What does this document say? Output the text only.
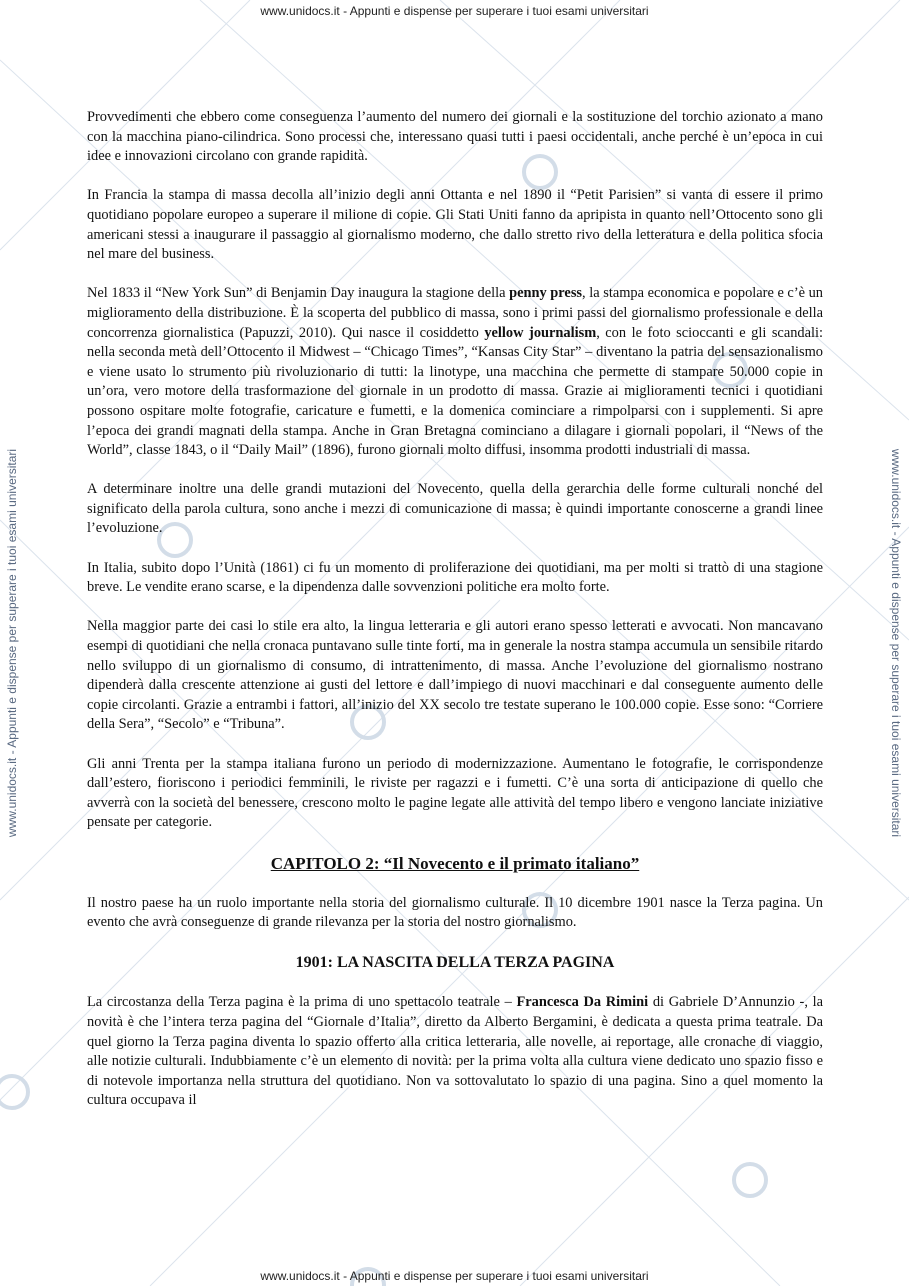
www.unidocs.it - Appunti e dispense per superare i tuoi esami universitari
www.unidocs.it - Appunti e dispense per superare i tuoi esami universitari	www.unidocs.it - Appunti e dispense per superare i tuoi esami universitari

Provvedimenti che ebbero come conseguenza l’aumento del numero dei giornali e la sostituzione del torchio azionato a mano con la macchina piano-cilindrica. Sono processi che, interessano quasi tutti i paesi occidentali, anche perché è un’epoca in cui idee e innovazioni circolano con grande rapidità.

In Francia la stampa di massa decolla all’inizio degli anni Ottanta e nel 1890 il “Petit Parisien” si vanta di essere il primo quotidiano popolare europeo a superare il milione di copie. Gli Stati Uniti fanno da apripista in quanto nell’Ottocento sono gli americani stessi a inaugurare il passaggio al giornalismo moderno, che dallo stretto rivo della letteratura e della politica sfocia nel mare del business.

Nel 1833 il “New York Sun” di Benjamin Day inaugura la stagione della penny press, la stampa economica e popolare e c’è un miglioramento della distribuzione. È la scoperta del pubblico di massa, sono i primi passi del giornalismo professionale e della concorrenza giornalistica (Papuzzi, 2010). Qui nasce il cosiddetto yellow journalism, con le foto scioccanti e gli scandali: nella seconda metà dell’Ottocento il Midwest – “Chicago Times”, “Kansas City Star” – diventano la patria del sensazionalismo e viene usato lo strumento più rivoluzionario di tutti: la linotype, una macchina che permette di stampare 50.000 copie in un’ora, vero motore della trasformazione del giornale in un prodotto di massa. Grazie ai miglioramenti tecnici i quotidiani possono ospitare molte fotografie, caricature e fumetti, e la domenica cominciare a rimpolparsi con i supplementi. Si apre l’epoca dei grandi magnati della stampa. Anche in Gran Bretagna cominciano a dilagare i giornali popolari, il “News of the World”, classe 1843, o il “Daily Mail” (1896), furono giornali molto diffusi, insomma prodotti industriali di massa.

A determinare inoltre una delle grandi mutazioni del Novecento, quella della gerarchia delle forme culturali nonché del significato della parola cultura, sono anche i mezzi di comunicazione di massa; è quindi importante conoscerne a grandi linee l’evoluzione.

In Italia, subito dopo l’Unità (1861) ci fu un momento di proliferazione dei quotidiani, ma per molti si trattò di una stagione breve. Le vendite erano scarse, e la dipendenza dalle sovvenzioni politiche era molto forte.

Nella maggior parte dei casi lo stile era alto, la lingua letteraria e gli autori erano spesso letterati e avvocati. Non mancavano esempi di quotidiani che nella cronaca puntavano sulle tinte forti, ma in generale la nostra stampa accumula un sensibile ritardo nello sviluppo di un giornalismo di consumo, di intrattenimento, di massa. Anche l’evoluzione del giornalismo nostrano dipenderà dalla crescente attenzione ai gusti del lettore e dall’impiego di nuovi macchinari e dal conseguente aumento delle copie circolanti. Grazie a entrambi i fattori, all’inizio del XX secolo tre testate superano le 100.000 copie. Esse sono: “Corriere della Sera”, “Secolo” e “Tribuna”.

Gli anni Trenta per la stampa italiana furono un periodo di modernizzazione. Aumentano le fotografie, le corrispondenze dall’estero, fioriscono i periodici femminili, le riviste per ragazzi e i fumetti. C’è una sorta di anticipazione di quello che avverrà con la società del benessere, crescono molto le pagine legate alle attività del tempo libero e vengono lanciate iniziative pensate per categorie.

CAPITOLO 2: “Il Novecento e il primato italiano”

Il nostro paese ha un ruolo importante nella storia del giornalismo culturale. Il 10 dicembre 1901 nasce la Terza pagina. Un evento che avrà conseguenze di grande rilevanza per la storia del nostro giornalismo.

1901: LA NASCITA DELLA TERZA PAGINA

La circostanza della Terza pagina è la prima di uno spettacolo teatrale – Francesca Da Rimini di Gabriele D’Annunzio -, la novità è che l’intera terza pagina del “Giornale d’Italia”, diretto da Alberto Bergamini, è dedicata a questa prima teatrale. Da quel giorno la Terza pagina diventa lo spazio offerto alla critica letteraria, alle novelle, ai reportage, alle cronache di viaggio, alle notizie culturali. Indubbiamente c’è un elemento di novità: per la prima volta alla cultura viene dedicato uno spazio fisso e di notevole importanza nella struttura del quotidiano. Non va sottovalutato lo spazio di una pagina. Sino a quel momento la cultura occupava il

www.unidocs.it - Appunti e dispense per superare i tuoi esami universitari
